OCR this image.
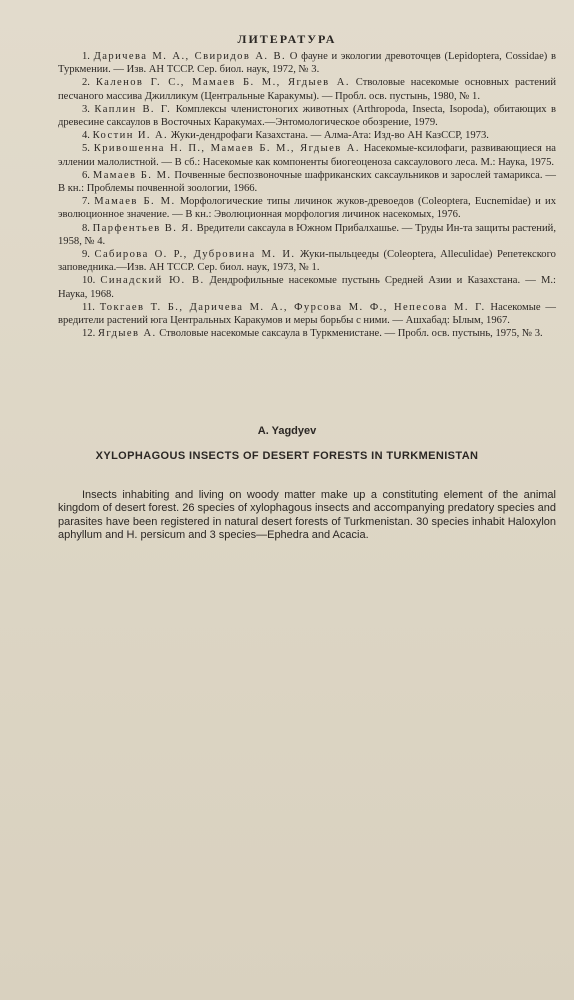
ЛИТЕРАТУРА

1. Даричева М. А., Свиридов А. В. О фауне и экологии древоточцев (Lepidoptera, Cossidae) в Туркмении. — Изв. АН ТССР. Сер. биол. наук, 1972, № 3.

2. Каленов Г. С., Мамаев Б. М., Ягдыев А. Стволовые насекомые основных растений песчаного массива Джилликум (Центральные Каракумы). — Пробл. осв. пустынь, 1980, № 1.

3. Каплин В. Г. Комплексы членистоногих животных (Arthropoda, Insecta, Isopoda), обитающих в древесине саксаулов в Восточных Каракумах.—Энтомологическое обозрение, 1979.

4. Костин И. А. Жуки-дендрофаги Казахстана. — Алма-Ата: Изд-во АН КазССР, 1973.

5. Кривошенна Н. П., Мамаев Б. М., Ягдыев А. Насекомые-ксилофаги, развивающиеся на эллении малолистной. — В сб.: Насекомые как компоненты биогеоценоза саксаулового леса. М.: Наука, 1975.

6. Мамаев Б. М. Почвенные беспозвоночные шафриканских саксаульников и зарослей тамарикса. — В кн.: Проблемы почвенной зоологии, 1966.

7. Мамаев Б. М. Морфологические типы личинок жуков-древоедов (Coleoptera, Eucnemidae) и их эволюционное значение. — В кн.: Эволюционная морфология личинок насекомых, 1976.

8. Парфентьев В. Я. Вредители саксаула в Южном Прибалхашье. — Труды Ин-та защиты растений, 1958, № 4.

9. Сабирова О. Р., Дубровина М. И. Жуки-пыльцееды (Coleoptera, Alleculidae) Репетекского заповедника.—Изв. АН ТССР. Сер. биол. наук, 1973, № 1.

10. Синадский Ю. В. Дендрофильные насекомые пустынь Средней Азии и Казахстана. — М.: Наука, 1968.

11. Токгаев Т. Б., Даричева М. А., Фурсова М. Ф., Непесова М. Г. Насекомые — вредители растений юга Центральных Каракумов и меры борьбы с ними. — Ашхабад: Ылым, 1967.

12. Ягдыев А. Стволовые насекомые саксаула в Туркменистане. — Пробл. осв. пустынь, 1975, № 3.

A. Yagdyev
XYLOPHAGOUS INSECTS OF DESERT FORESTS IN TURKMENISTAN

Insects inhabiting and living on woody matter make up a constituting element of the animal kingdom of desert forest. 26 species of xylophagous insects and accompanying predatory species and parasites have been registered in natural desert forests of Turkmenistan. 30 species inhabit Haloxylon aphyllum and H. persicum and 3 species—Ephedra and Acacia.
